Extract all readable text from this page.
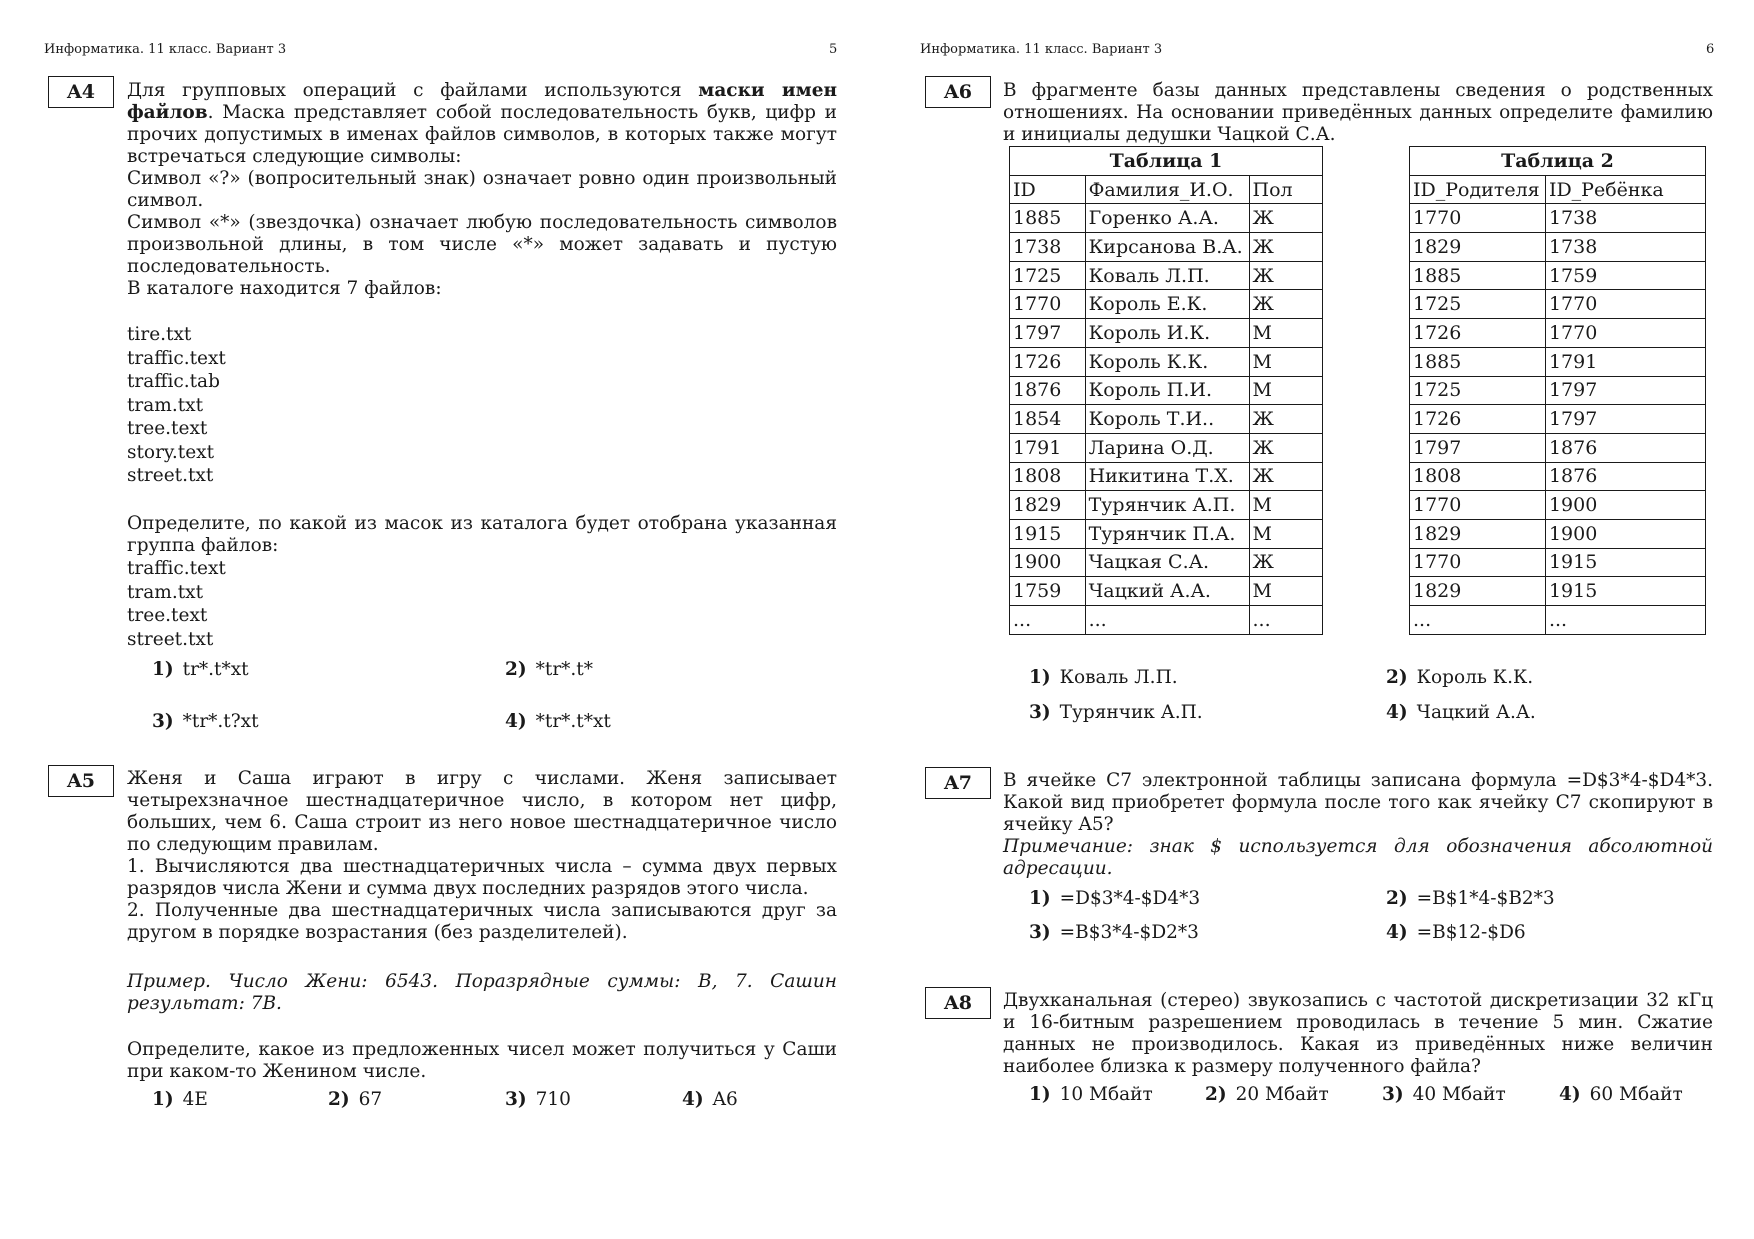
Информатика. 11 класс. Вариант 3	5
A4	Для групповых операций с файлами используются маски имен файлов. Маска представляет собой последовательность букв, цифр и прочих допустимых в именах файлов символов, в которых также могут встречаться следующие символы:

Символ «?» (вопросительный знак) означает ровно один произвольный символ.

Символ «*» (звездочка) означает любую последовательность символов произвольной длины, в том числе «*» может задавать и пустую последовательность.

В каталоге находится 7 файлов:

tire.txt
traffic.text
traffic.tab
tram.txt
tree.text
story.text
street.txt
Определите, по какой из масок из каталога будет отобрана указанная группа файлов:
traffic.text
tram.txt
tree.text
street.txt
1) tr*.t*xt	2) *tr*.t*
3) *tr*.t?xt	4) *tr*.t*xt
A5	Женя и Саша играют в игру с числами. Женя записывает четырехзначное шестнадцатеричное число, в котором нет цифр, больших, чем 6. Саша строит из него новое шестнадцатеричное число по следующим правилам.

1. Вычисляются два шестнадцатеричных числа – сумма двух первых разрядов числа Жени и сумма двух последних разрядов этого числа.

2. Полученные два шестнадцатеричных числа записываются друг за другом в порядке возрастания (без разделителей).

Пример. Число Жени: 6543. Поразрядные суммы: B, 7. Сашин результат: 7B.
Определите, какое из предложенных чисел может получиться у Саши при каком-то Женином числе.
1) 4E	2) 67	3) 710	4) A6
Информатика. 11 класс. Вариант 3	6
A6	В фрагменте базы данных представлены сведения о родственных отношениях. На основании приведённых данных определите фамилию и инициалы дедушки Чацкой С.А.
Таблица 1		
ID	Фамилия_И.О.	Пол
1885	Горенко А.А.	Ж
1738	Кирсанова В.А.	Ж
1725	Коваль Л.П.	Ж
1770	Король Е.К.	Ж
1797	Король И.К.	М
1726	Король К.К.	М
1876	Король П.И.	М
1854	Король Т.И..	Ж
1791	Ларина О.Д.	Ж
1808	Никитина Т.Х.	Ж
1829	Турянчик А.П.	М
1915	Турянчик П.А.	М
1900	Чацкая С.А.	Ж
1759	Чацкий А.А.	М
...	...	...
Таблица 2	
ID_Родителя	ID_Ребёнка
1770	1738
1829	1738
1885	1759
1725	1770
1726	1770
1885	1791
1725	1797
1726	1797
1797	1876
1808	1876
1770	1900
1829	1900
1770	1915
1829	1915
...	...
1) Коваль Л.П.	2) Король К.К.
3) Турянчик А.П.	4) Чацкий А.А.
A7	В ячейке C7 электронной таблицы записана формула =D$3*4-$D4*3. Какой вид приобретет формула после того как ячейку C7 скопируют в ячейку A5?

Примечание: знак $ используется для обозначения абсолютной адресации.

1) =D$3*4-$D4*3	2) =B$1*4-$B2*3
3) =B$3*4-$D2*3	4) =B$12-$D6
A8	Двухканальная (стерео) звукозапись с частотой дискретизации 32 кГц и 16-битным разрешением проводилась в течение 5 мин. Сжатие данных не производилось. Какая из приведённых ниже величин наиболее близка к размеру полученного файла?
1) 10 Мбайт	2) 20 Мбайт	3) 40 Мбайт	4) 60 Мбайт
